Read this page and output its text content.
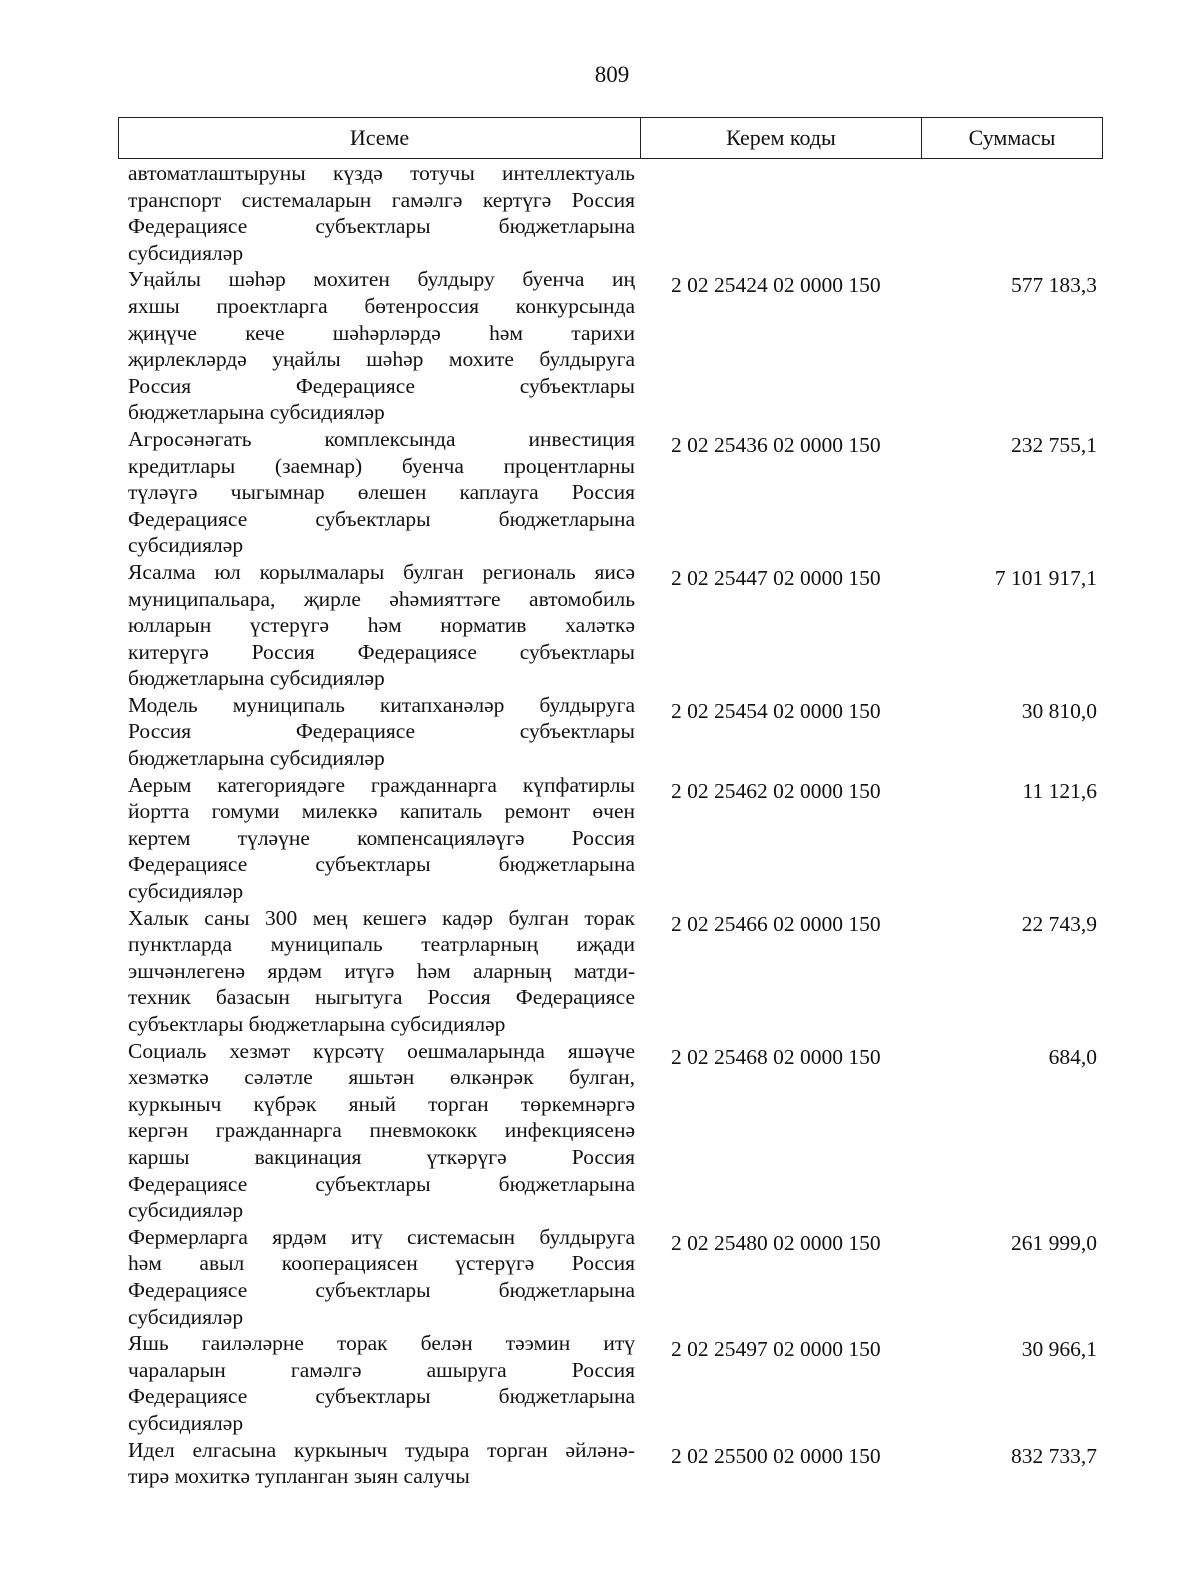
809
Исеме	Керем коды	Суммасы
автоматлаштыруны күздә тотучы интеллектуаль
транспорт системаларын гамәлгә кертүгә Россия
Федерациясе субъектлары бюджетларына
субсидияләр
Уңайлы шәһәр мохитен булдыру буенча иң
яхшы проектларга бөтенроссия конкурсында
җиңүче кече шәһәрләрдә һәм тарихи
җирлекләрдә уңайлы шәһәр мохите булдыруга
Россия Федерациясе субъектлары
бюджетларына субсидияләр
2 02 25424 02 0000 150	577 183,3
Агросәнәгать комплексында инвестиция
кредитлары (заемнар) буенча процентларны
түләүгә чыгымнар өлешен каплауга Россия
Федерациясе субъектлары бюджетларына
субсидияләр
2 02 25436 02 0000 150	232 755,1
Ясалма юл корылмалары булган региональ яисә
муниципальара, җирле әһәмияттәге автомобиль
юлларын үстерүгә һәм норматив халәткә
китерүгә Россия Федерациясе субъектлары
бюджетларына субсидияләр
2 02 25447 02 0000 150	7 101 917,1
Модель муниципаль китапханәләр булдыруга
Россия Федерациясе субъектлары
бюджетларына субсидияләр
2 02 25454 02 0000 150	30 810,0
Аерым категориядәге гражданнарга күпфатирлы
йортта гомуми милеккә капиталь ремонт өчен
кертем түләүне компенсацияләүгә Россия
Федерациясе субъектлары бюджетларына
субсидияләр
2 02 25462 02 0000 150	11 121,6
Халык саны 300 мең кешегә кадәр булган торак
пунктларда муниципаль театрларның иҗади
эшчәнлегенә ярдәм итүгә һәм аларның матди-
техник базасын ныгытуга Россия Федерациясе
субъектлары бюджетларына субсидияләр
2 02 25466 02 0000 150	22 743,9
Социаль хезмәт күрсәтү оешмаларында яшәүче
хезмәткә сәләтле яшьтән өлкәнрәк булган,
куркыныч күбрәк яный торган төркемнәргә
кергән гражданнарга пневмококк инфекциясенә
каршы вакцинация үткәрүгә Россия
Федерациясе субъектлары бюджетларына
субсидияләр
2 02 25468 02 0000 150	684,0
Фермерларга ярдәм итү системасын булдыруга
һәм авыл кооперациясен үстерүгә Россия
Федерациясе субъектлары бюджетларына
субсидияләр
2 02 25480 02 0000 150	261 999,0
Яшь гаиләләрне торак белән тәэмин итү
чараларын гамәлгә ашыруга Россия
Федерациясе субъектлары бюджетларына
субсидияләр
2 02 25497 02 0000 150	30 966,1
Идел елгасына куркыныч тудыра торган әйләнә-
тирә мохиткә тупланган зыян салучы
2 02 25500 02 0000 150	832 733,7
